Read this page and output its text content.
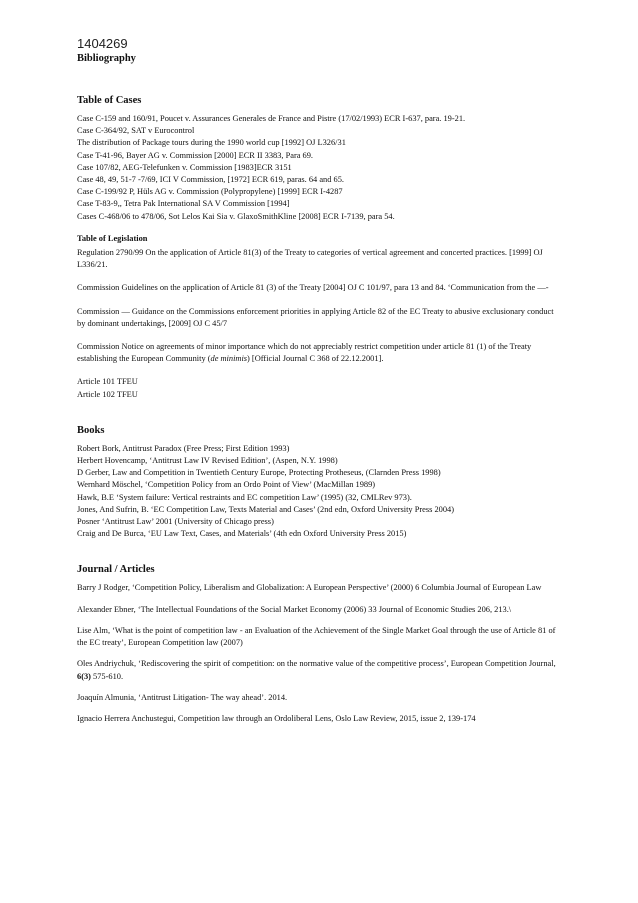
1404269
Bibliography
Table of Cases

Case C-159 and 160/91, Poucet v. Assurances Generales de France and Pistre (17/02/1993) ECR I-637, para. 19-21.

Case C-364/92, SAT v Eurocontrol

The distribution of Package tours during the 1990 world cup [1992] OJ L326/31

Case T-41-96, Bayer AG v. Commission [2000] ECR II 3383, Para 69.

Case 107/82, AEG-Telefunken v. Commission [1983]ECR 3151

Case 48, 49, 51-7 -7/69, ICI V Commission, [1972] ECR 619, paras. 64 and 65.

Case C-199/92 P, Hüls AG v. Commission (Polypropylene) [1999] ECR I-4287

Case T-83-9,, Tetra Pak International SA V Commission [1994]

Cases C-468/06 to 478/06, Sot Lelos Kai Sia v. GlaxoSmithKline [2008] ECR I-7139, para 54.

Table of Legislation

Regulation 2790/99 On the application of Article 81(3) of the Treaty to categories of vertical agreement and concerted practices. [1999] OJ L336/21.

Commission Guidelines on the application of Article 81 (3) of the Treaty [2004] OJ C 101/97, para 13 and 84. ‘Communication from the —-

Commission — Guidance on the Commissions enforcement priorities in applying Article 82 of the EC Treaty to abusive exclusionary conduct by dominant undertakings, [2009] OJ C 45/7

Commission Notice on agreements of minor importance which do not appreciably restrict competition under article 81 (1) of the Treaty establishing the European Community (de minimis) [Official Journal C 368 of 22.12.2001].

Article 101 TFEU

Article 102 TFEU

Books

Robert Bork, Antitrust Paradox (Free Press; First Edition 1993)

Herbert Hovencamp, ‘Antitrust Law IV Revised Edition’, (Aspen, N.Y. 1998)

D Gerber, Law and Competition in Twentieth Century Europe, Protecting Protheseus, (Clarnden Press 1998)

Wernhard Möschel, ‘Competition Policy from an Ordo Point of View’ (MacMillan 1989)

Hawk, B.E ‘System failure: Vertical restraints and EC competition Law’ (1995) (32, CMLRev 973).

Jones, And Sufrin, B. ‘EC Competition Law, Texts Material and Cases’ (2nd edn, Oxford University Press 2004)

Posner ‘Antitrust Law’ 2001 (University of Chicago press)

Craig and De Burca, ‘EU Law Text, Cases, and Materials’ (4th edn Oxford University Press 2015)

Journal / Articles

Barry J Rodger, ‘Competition Policy, Liberalism and Globalization: A European Perspective’ (2000) 6 Columbia Journal of European Law

Alexander Ebner, ‘The Intellectual Foundations of the Social Market Economy (2006) 33 Journal of Economic Studies 206, 213.\

Lise Alm, ‘What is the point of competition law - an Evaluation of the Achievement of the Single Market Goal through the use of Article 81 of the EC treaty’, European Competition law (2007)

Oles Andriychuk, ‘Rediscovering the spirit of competition: on the normative value of the competitive process’, European Competition Journal, 6(3) 575-610.

Joaquín Almunia, ‘Antitrust Litigation- The way ahead’. 2014.

Ignacio Herrera Anchustegui, Competition law through an Ordoliberal Lens, Oslo Law Review, 2015, issue 2, 139-174
